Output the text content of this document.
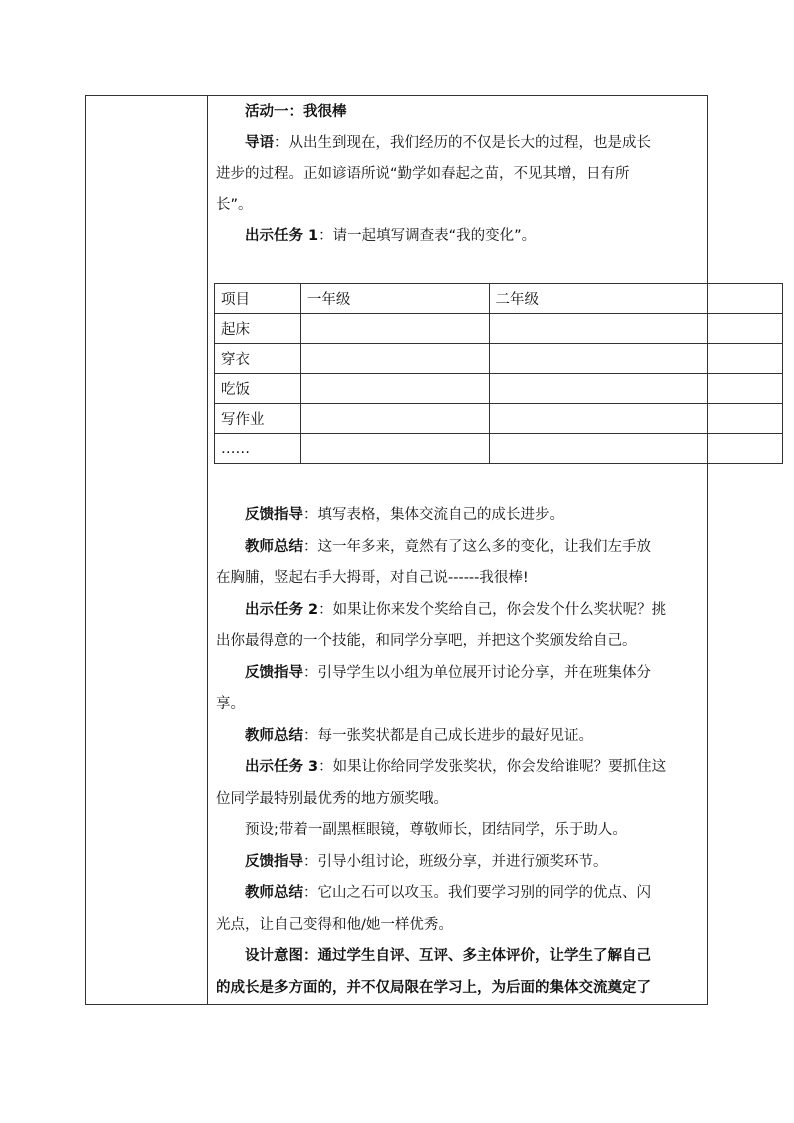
活动一：我很棒
导语：从出生到现在，我们经历的不仅是长大的过程，也是成长
进步的过程。正如谚语所说“勤学如春起之苗，不见其增，日有所
长”。
出示任务 1：请一起填写调查表“我的变化”。
项目	一年级	二年级	
起床			
穿衣			
吃饭			
写作业			
……			
反馈指导：填写表格，集体交流自己的成长进步。
教师总结：这一年多来，竟然有了这么多的变化，让我们左手放
在胸脯，竖起右手大拇哥，对自己说------我很棒!
出示任务 2：如果让你来发个奖给自己，你会发个什么奖状呢？挑
出你最得意的一个技能，和同学分享吧，并把这个奖颁发给自己。
反馈指导：引导学生以小组为单位展开讨论分享，并在班集体分
享。
教师总结：每一张奖状都是自己成长进步的最好见证。
出示任务 3：如果让你给同学发张奖状，你会发给谁呢？要抓住这
位同学最特别最优秀的地方颁奖哦。
预设;带着一副黑框眼镜，尊敬师长，团结同学，乐于助人。
反馈指导：引导小组讨论，班级分享，并进行颁奖环节。
教师总结：它山之石可以攻玉。我们要学习别的同学的优点、闪
光点，让自己变得和他/她一样优秀。
设计意图：通过学生自评、互评、多主体评价，让学生了解自己
的成长是多方面的，并不仅局限在学习上，为后面的集体交流奠定了
